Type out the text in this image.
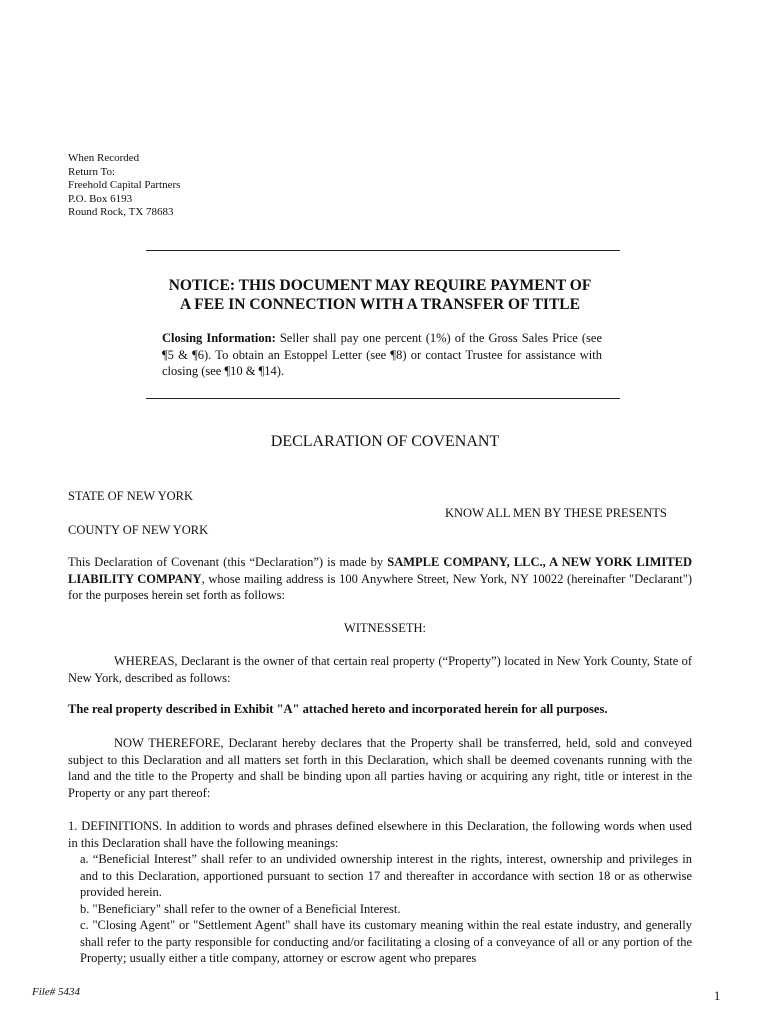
When Recorded
Return To:
Freehold Capital Partners
P.O. Box 6193
Round Rock, TX 78683
NOTICE: THIS DOCUMENT MAY REQUIRE PAYMENT OF
A FEE IN CONNECTION WITH A TRANSFER OF TITLE
Closing Information: Seller shall pay one percent (1%) of the Gross Sales Price (see ¶5 & ¶6). To obtain an Estoppel Letter (see ¶8) or contact Trustee for assistance with closing (see ¶10 & ¶14).
DECLARATION OF COVENANT
STATE OF NEW YORK
KNOW ALL MEN BY THESE PRESENTS
COUNTY OF NEW YORK
This Declaration of Covenant (this “Declaration”) is made by SAMPLE COMPANY, LLC., A NEW YORK LIMITED LIABILITY COMPANY, whose mailing address is 100 Anywhere Street, New York, NY 10022 (hereinafter "Declarant") for the purposes herein set forth as follows:
WITNESSETH:
WHEREAS, Declarant is the owner of that certain real property (“Property”) located in New York County, State of New York, described as follows:
The real property described in Exhibit "A" attached hereto and incorporated herein for all purposes.
NOW THEREFORE, Declarant hereby declares that the Property shall be transferred, held, sold and conveyed subject to this Declaration and all matters set forth in this Declaration, which shall be deemed covenants running with the land and the title to the Property and shall be binding upon all parties having or acquiring any right, title or interest in the Property or any part thereof:
1. DEFINITIONS. In addition to words and phrases defined elsewhere in this Declaration, the following words when used in this Declaration shall have the following meanings:

a. “Beneficial Interest” shall refer to an undivided ownership interest in the rights, interest, ownership and privileges in and to this Declaration, apportioned pursuant to section 17 and thereafter in accordance with section 18 or as otherwise provided herein.

b. "Beneficiary" shall refer to the owner of a Beneficial Interest.

c. "Closing Agent" or "Settlement Agent" shall have its customary meaning within the real estate industry, and generally shall refer to the party responsible for conducting and/or facilitating a closing of a conveyance of all or any portion of the Property; usually either a title company, attorney or escrow agent who prepares

File# 5434	1
